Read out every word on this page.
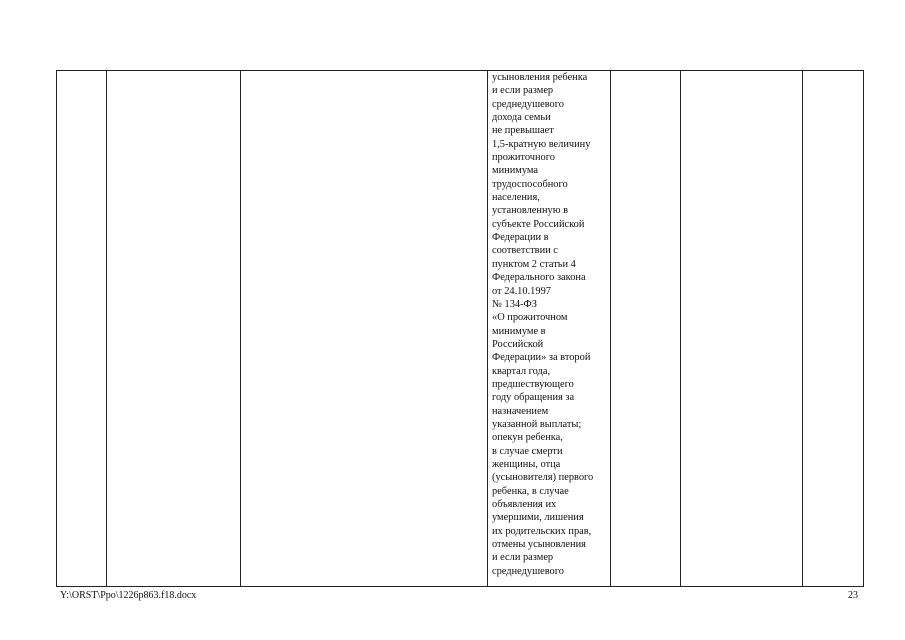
усыновления ребенка
и если размер
среднедушевого
дохода семьи
не превышает
1,5-кратную величину
прожиточного
минимума
трудоспособного
населения,
установленную в
субъекте Российской
Федерации в
соответствии с
пунктом 2 статьи 4
Федерального закона
от 24.10.1997
№ 134-ФЗ
«О прожиточном
минимуме в
Российской
Федерации» за второй
квартал года,
предшествующего
году обращения за
назначением
указанной выплаты;
опекун ребенка,
в случае смерти
женщины, отца
(усыновителя) первого
ребенка, в случае
объявления их
умершими, лишения
их родительских прав,
отмены усыновления
и если размер
среднедушевого

Y:\ORST\Ppo\1226p863.f18.docx	23
